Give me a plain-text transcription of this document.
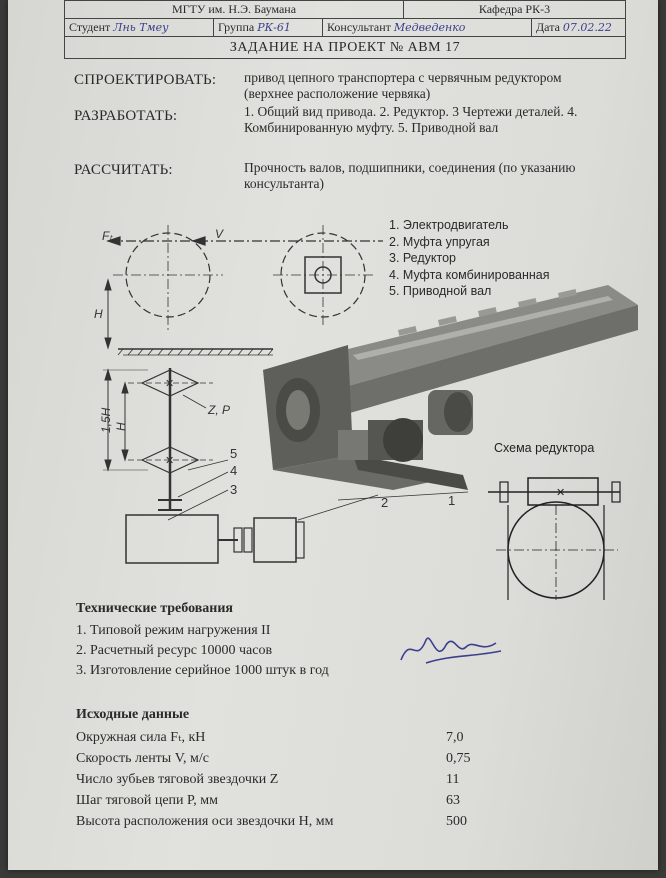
МГТУ им. Н.Э. Баумана	Кафедра РК-3
Студент Лнь Тмеу	Группа РК-61	Консультант Медведенко	Дата 07.02.22
ЗАДАНИЕ НА ПРОЕКТ № АВМ 17
СПРОЕКТИРОВАТЬ: привод цепного транспортера с червячным редуктором (верхнее расположение червяка)
РАЗРАБОТАТЬ:	1. Общий вид привода. 2. Редуктор. 3 Чертежи деталей. 4. Комбинированную муфту. 5. Приводной вал
РАССЧИТАТЬ:	Прочность валов, подшипники, соединения (по указанию консультанта)
1. Электродвигатель
2. Муфта упругая
3. Редуктор
4. Муфта комбинированная
5. Приводной вал
Fₜ	V
H
✕
✕
1,5H H
Z, P
5
4
3
2	1
Схема редуктора
✕
Технические требования
1. Типовой режим нагружения II
2. Расчетный ресурс 10000 часов
3. Изготовление серийное 1000 штук в год
Исходные данные
Окружная сила Fₜ, кН	7,0
Скорость ленты V, м/с	0,75
Число зубьев тяговой звездочки Z	11
Шаг тяговой цепи P, мм	63
Высота расположения оси звездочки H, мм	500
